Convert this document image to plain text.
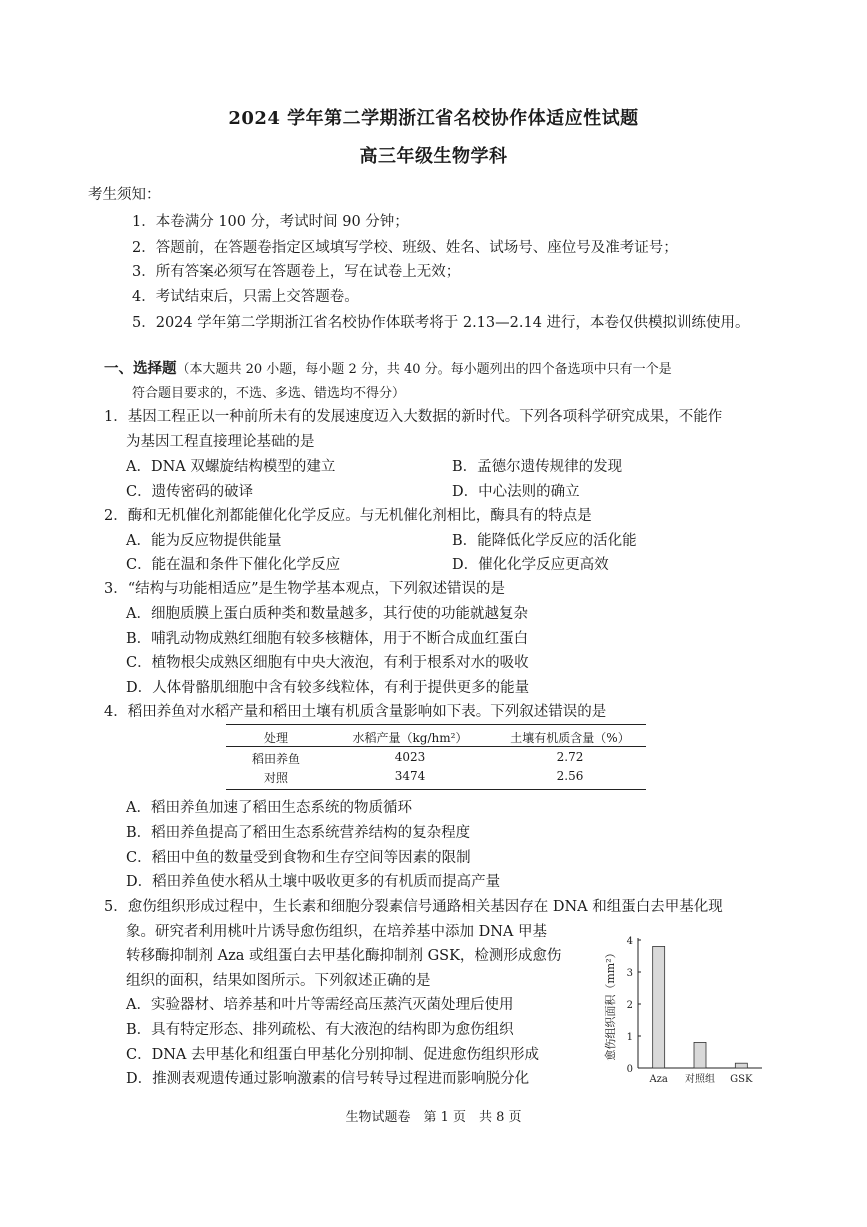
2024 学年第二学期浙江省名校协作体适应性试题
高三年级生物学科
考生须知：
1．本卷满分 100 分，考试时间 90 分钟；
2．答题前，在答题卷指定区域填写学校、班级、姓名、试场号、座位号及准考证号；
3．所有答案必须写在答题卷上，写在试卷上无效；
4．考试结束后，只需上交答题卷。
5．2024 学年第二学期浙江省名校协作体联考将于 2.13—2.14 进行，本卷仅供模拟训练使用。
一、选择题（本大题共 20 小题，每小题 2 分，共 40 分。每小题列出的四个备选项中只有一个是
符合题目要求的，不选、多选、错选均不得分）
1．基因工程正以一种前所未有的发展速度迈入大数据的新时代。下列各项科学研究成果，不能作
为基因工程直接理论基础的是
A．DNA 双螺旋结构模型的建立	B．孟德尔遗传规律的发现
C．遗传密码的破译	D．中心法则的确立
2．酶和无机催化剂都能催化化学反应。与无机催化剂相比，酶具有的特点是
A．能为反应物提供能量	B．能降低化学反应的活化能
C．能在温和条件下催化化学反应	D．催化化学反应更高效
3．“结构与功能相适应”是生物学基本观点，下列叙述错误的是
A．细胞质膜上蛋白质种类和数量越多，其行使的功能就越复杂
B．哺乳动物成熟红细胞有较多核糖体，用于不断合成血红蛋白
C．植物根尖成熟区细胞有中央大液泡，有利于根系对水的吸收
D．人体骨骼肌细胞中含有较多线粒体，有利于提供更多的能量
4．稻田养鱼对水稻产量和稻田土壤有机质含量影响如下表。下列叙述错误的是
处理	水稻产量（kg/hm²）	土壤有机质含量（%）
稻田养鱼	4023	2.72
对照	3474	2.56
A．稻田养鱼加速了稻田生态系统的物质循环
B．稻田养鱼提高了稻田生态系统营养结构的复杂程度
C．稻田中鱼的数量受到食物和生存空间等因素的限制
D．稻田养鱼使水稻从土壤中吸收更多的有机质而提高产量
5．愈伤组织形成过程中，生长素和细胞分裂素信号通路相关基因存在 DNA 和组蛋白去甲基化现
象。研究者利用桃叶片诱导愈伤组织，在培养基中添加 DNA 甲基
转移酶抑制剂 Aza 或组蛋白去甲基化酶抑制剂 GSK，检测形成愈伤
组织的面积，结果如图所示。下列叙述正确的是
A．实验器材、培养基和叶片等需经高压蒸汽灭菌处理后使用
B．具有特定形态、排列疏松、有大液泡的结构即为愈伤组织
C．DNA 去甲基化和组蛋白甲基化分别抑制、促进愈伤组织形成
D．推测表观遗传通过影响激素的信号转导过程进而影响脱分化
0
1
2
3
4
Aza 对照组 GSK
愈伤组织面积（mm²）
生物试题卷　第 1 页　共 8 页
